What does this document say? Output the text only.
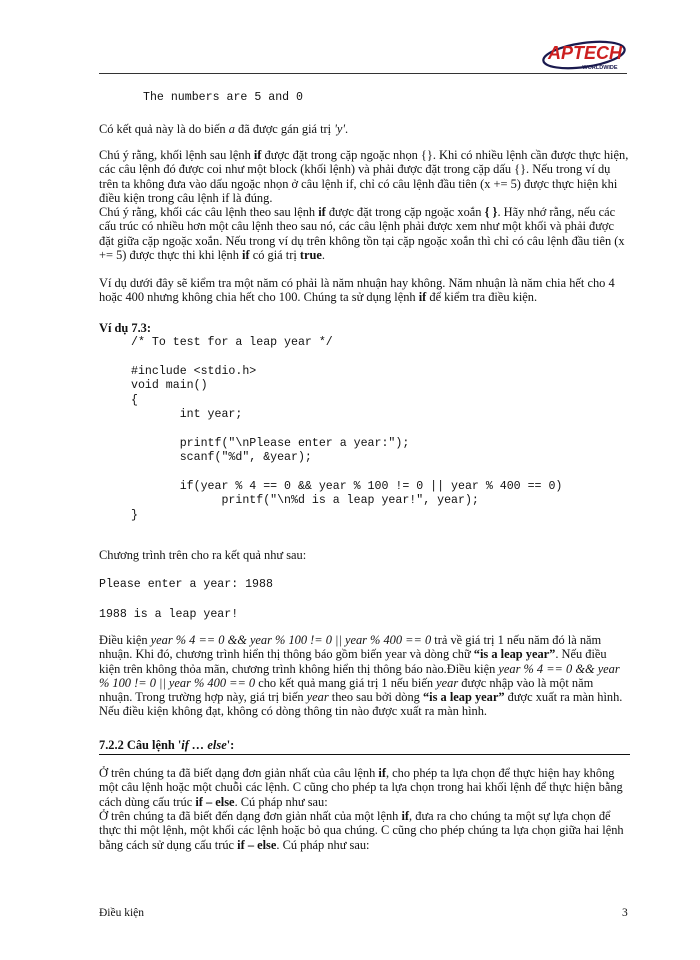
APTECH
WORLDWIDE
The numbers are 5 and 0
Có kết quả này là do biến a đã được gán giá trị 'y'.
Chú ý rằng, khối lệnh sau lệnh if được đặt trong cặp ngoặc nhọn {}. Khi có nhiều lệnh cần được thực hiện, các câu lệnh đó được coi như một block (khối lệnh) và phải được đặt trong cặp dấu {}. Nếu trong ví dụ trên ta không đưa vào dấu ngoặc nhọn ở câu lệnh if, chỉ có câu lệnh đầu tiên (x += 5) được thực hiện khi điều kiện trong câu lệnh if là đúng.
Chú ý rằng, khối các câu lệnh theo sau lệnh if được đặt trong cặp ngoặc xoắn { }. Hãy nhớ rằng, nếu các cấu trúc có nhiều hơn một câu lệnh theo sau nó, các câu lệnh phải được xem như một khối và phải được đặt giữa cặp ngoặc xoắn. Nếu trong ví dụ trên không tồn tại cặp ngoặc xoắn thì chỉ có câu lệnh đầu tiên (x += 5) được thực thi khi lệnh if có giá trị true.
Ví dụ dưới đây sẽ kiểm tra một năm có phải là năm nhuận hay không. Năm nhuận là năm chia hết cho 4 hoặc 400 nhưng không chia hết cho 100. Chúng ta sử dụng lệnh if để kiểm tra điều kiện.
Ví dụ 7.3:
/* To test for a leap year */
#include <stdio.h>
void main()
{
int year;
printf("\nPlease enter a year:");
scanf("%d", &year);
if(year % 4 == 0 && year % 100 != 0 || year % 400 == 0)
printf("\n%d is a leap year!", year);
}
Chương trình trên cho ra kết quả như sau:
Please enter a year: 1988
1988 is a leap year!
Điều kiện year % 4 == 0 && year % 100 != 0 || year % 400 == 0 trả về giá trị 1 nếu năm đó là năm nhuận. Khi đó, chương trình hiển thị thông báo gồm biến year và dòng chữ “is a leap year”. Nếu điều kiện trên không thỏa mãn, chương trình không hiển thị thông báo nào.Điều kiện year % 4 == 0 && year % 100 != 0 || year % 400 == 0 cho kết quả mang giá trị 1 nếu biến year được nhập vào là một năm nhuận. Trong trường hợp này, giá trị biến year theo sau bởi dòng “is a leap year” được xuất ra màn hình. Nếu điều kiện không đạt, không có dòng thông tin nào được xuất ra màn hình.
7.2.2 Câu lệnh 'if … else':
Ở trên chúng ta đã biết dạng đơn giản nhất của câu lệnh if, cho phép ta lựa chọn để thực hiện hay không một câu lệnh hoặc một chuỗi các lệnh. C cũng cho phép ta lựa chọn trong hai khối lệnh để thực hiện bằng cách dùng cấu trúc if – else. Cú pháp như sau:
Ở trên chúng ta đã biết đến dạng đơn giản nhất của một lệnh if, đưa ra cho chúng ta một sự lựa chọn để thực thi một lệnh, một khối các lệnh hoặc bỏ qua chúng. C cũng cho phép chúng ta lựa chọn giữa hai lệnh bằng cách sử dụng cấu trúc if – else. Cú pháp như sau:
Điều kiện	3
